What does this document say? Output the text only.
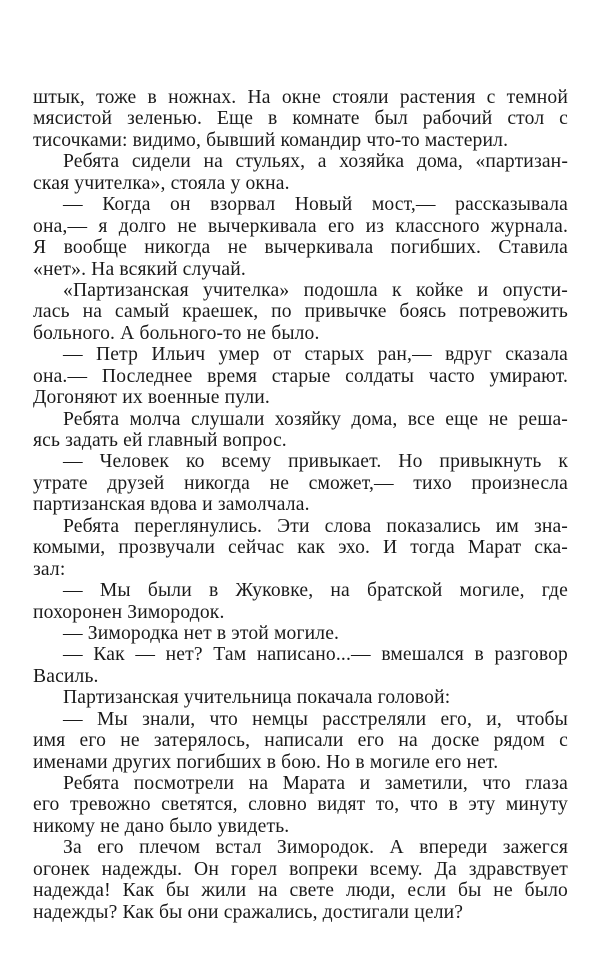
штык, тоже в ножнах. На окне стояли растения с темной
мясистой зеленью. Еще в комнате был рабочий стол с
тисочками: видимо, бывший командир что-то мастерил.
Ребята сидели на стульях, а хозяйка дома, «партизан-
ская учителка», стояла у окна.
— Когда он взорвал Новый мост,— рассказывала
она,— я долго не вычеркивала его из классного журнала.
Я вообще никогда не вычеркивала погибших. Ставила
«нет». На всякий случай.
«Партизанская учителка» подошла к койке и опусти-
лась на самый краешек, по привычке боясь потревожить
больного. А больного-то не было.
— Петр Ильич умер от старых ран,— вдруг сказала
она.— Последнее время старые солдаты часто умирают.
Догоняют их военные пули.
Ребята молча слушали хозяйку дома, все еще не реша-
ясь задать ей главный вопрос.
— Человек ко всему привыкает. Но привыкнуть к
утрате друзей никогда не сможет,— тихо произнесла
партизанская вдова и замолчала.
Ребята переглянулись. Эти слова показались им зна-
комыми, прозвучали сейчас как эхо. И тогда Марат ска-
зал:
— Мы были в Жуковке, на братской могиле, где
похоронен Зимородок.
— Зимородка нет в этой могиле.
— Как — нет? Там написано...— вмешался в разговор
Василь.
Партизанская учительница покачала головой:
— Мы знали, что немцы расстреляли его, и, чтобы
имя его не затерялось, написали его на доске рядом с
именами других погибших в бою. Но в могиле его нет.
Ребята посмотрели на Марата и заметили, что глаза
его тревожно светятся, словно видят то, что в эту минуту
никому не дано было увидеть.
За его плечом встал Зимородок. А впереди зажегся
огонек надежды. Он горел вопреки всему. Да здравствует
надежда! Как бы жили на свете люди, если бы не было
надежды? Как бы они сражались, достигали цели?
